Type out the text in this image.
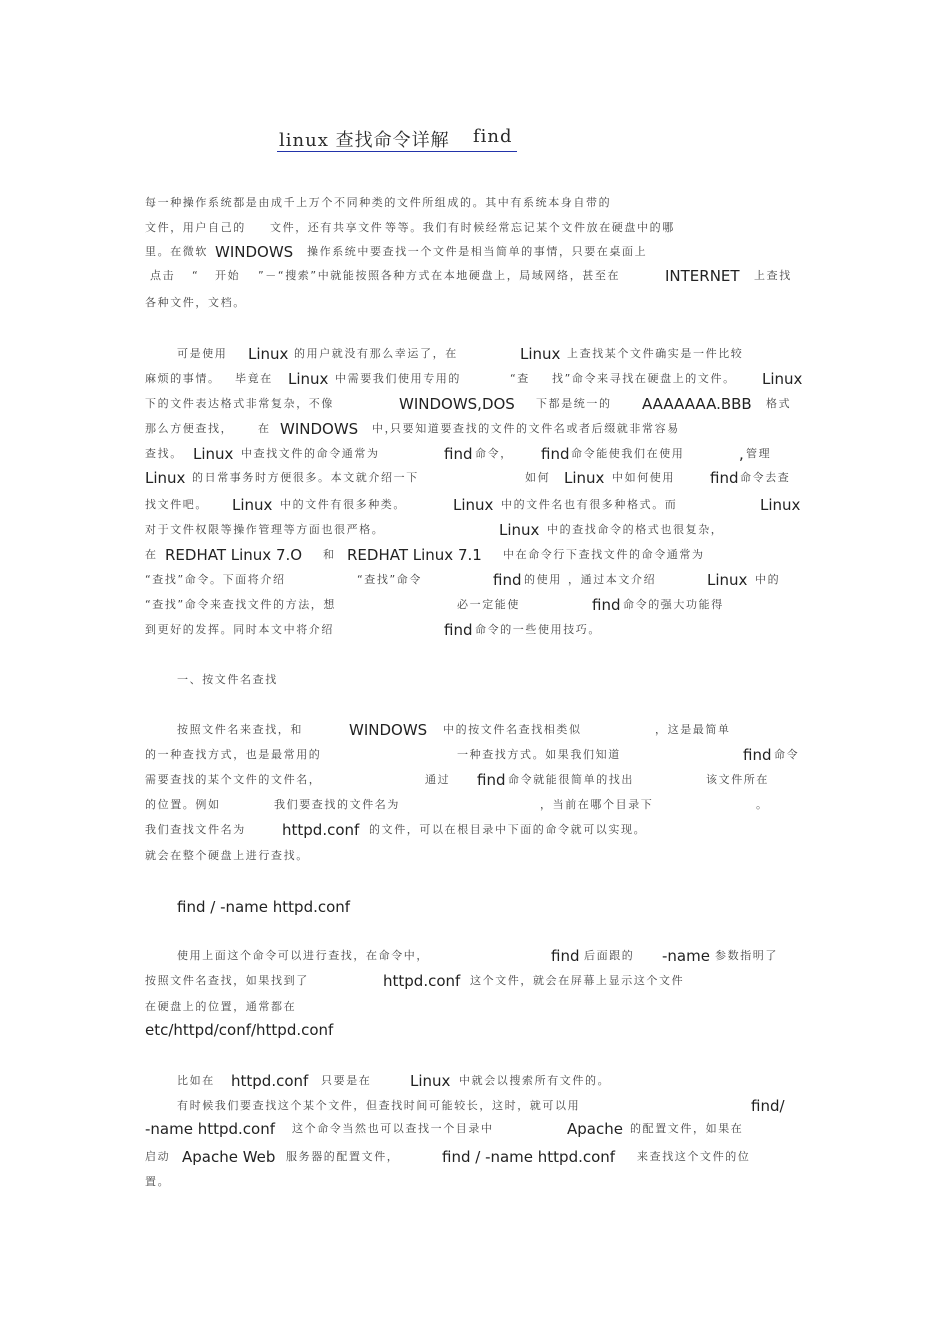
linux 查找命令详解 find
每一种操作系统都是由成千上万个不同种类的文件所组成的。其中有系统本身自带的
文件，用户自己的 文件，还有共享文件 等等。我们有时候经常忘记某个文件放在硬盘中的哪
里。在微软 WINDOWS 操作系统中要查找一个文件是相当简单的事情，只要在桌面上
点击 “ 开始 ”－“搜索”中就能按照各种方式在本地硬盘上，局域网络，甚至在	INTERNET 上查找
各种文件，文档。
可是使用 Linux 的用户就没有那么幸运了，在	Linux 上查找某个文件确实是一件比较
麻烦的事情。 毕竟在 Linux 中需要我们使用专用的	“查 找”命令来寻找在硬盘上的文件。 Linux
下的文件表达格式非常复杂，不像	WINDOWS,DOS 下都是统一的 AAAAAAA.BBB 格式
那么方便查找， 在 WINDOWS 中，
只要知道要查找的文件的文件名或者后缀就非常容易
查找。 Linux 中查找文件的命令通常为	find 命令， find 命令能使我们在使用	, 管理
Linux 的日常事务时方便很多。本文就介绍一下	如何 Linux 中如何使用 find 命令去查
找文件吧。 Linux 中的文件有很多种类。	Linux 中的文件名也有很多种格式。而	Linux
对于文件权限等操作管理等方面也很严格。	Linux 中的查找命令的格式也很复杂，
在 REDHAT Linux 7.O 和 REDHAT Linux 7.1 中在命令行下查找文件的命令通常为
“查找”命令。下面将介绍	“查找”命令	find 的使用 ，通过本文介绍	Linux 中的
“查找”命令来查找文件的方法，想	必一定能使	find 命令的强大功能得
到更好的发挥。同时本文中将介绍	find 命令的一些使用技巧。
一、按文件名查找
按照文件名来查找，和	WINDOWS 中的按文件名查找相类似	，这是最简单
的一种查找方式，也是最常用的	一种查找方式。如果我们知道	find 命令
需要查找的某个文件的文件名，	通过 find 命令就能很简单的找出	该文件所在
的位置。例如	我们要查找的文件名为	，当前在哪个目录下	。
我们查找文件名为 httpd.conf 的文件，可以在根目录中下面的命令就可以实现。
就会在整个硬盘上进行查找。
find / -name httpd.conf
使用上面这个命令可以进行查找，在命令中，	find 后面跟的 -name 参数指明了
按照文件名查找，如果找到了	httpd.conf 这个文件，就会在屏幕上显示这个文件
在硬盘上的位置，通常都在
etc/httpd/conf/httpd.conf
比如在 httpd.conf 只要是在	Linux 中就会以搜索所有文件的。
有时候我们要查找这个某个文件，但查找时间可能较长，这时，就可以用	find/
-name httpd.conf 这个命令当然也可以查找一个目录中	Apache 的配置文件，如果在
启动 Apache Web 服务器的配置文件，	find / -name httpd.conf 来查找这个文件的位
置。
